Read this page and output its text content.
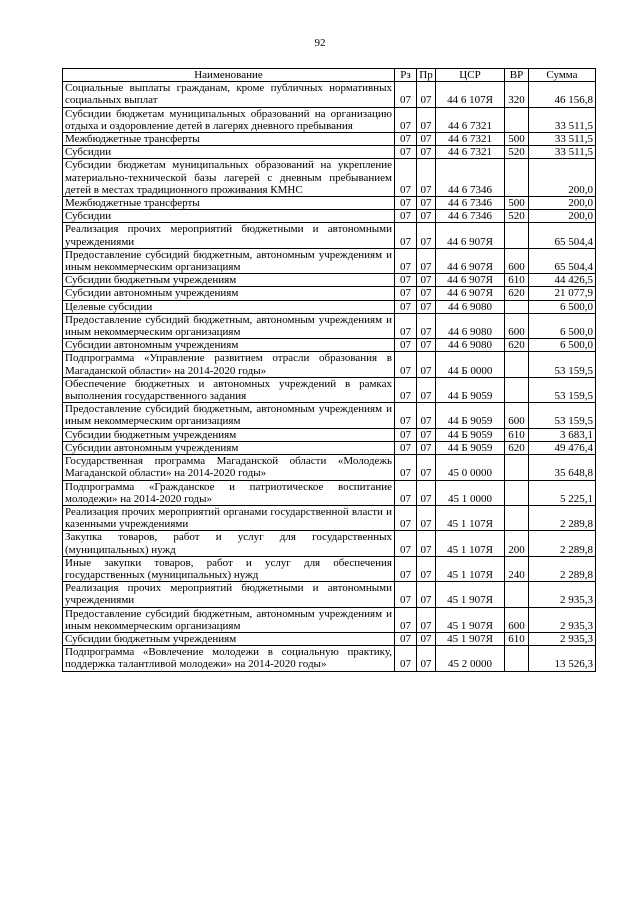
92
Наименование	Рз	Пр	ЦСР	ВР	Сумма
Социальные выплаты гражданам, кроме публичных нормативных социальных выплат	07	07	44 6 107Я	320	46 156,8
Субсидии бюджетам муниципальных образований на организацию отдыха и оздоровление детей в лагерях дневного пребывания	07	07	44 6 7321		33 511,5
Межбюджетные трансферты	07	07	44 6 7321	500	33 511,5
Субсидии	07	07	44 6 7321	520	33 511,5
Субсидии бюджетам муниципальных образований на укрепление материально-технической базы лагерей с дневным пребыванием детей в местах традиционного проживания КМНС	07	07	44 6 7346		200,0
Межбюджетные трансферты	07	07	44 6 7346	500	200,0
Субсидии	07	07	44 6 7346	520	200,0
Реализация прочих мероприятий бюджетными и автономными учреждениями	07	07	44 6 907Я		65 504,4
Предоставление субсидий бюджетным, автономным учреждениям и иным некоммерческим организациям	07	07	44 6 907Я	600	65 504,4
Субсидии бюджетным учреждениям	07	07	44 6 907Я	610	44 426,5
Субсидии автономным учреждениям	07	07	44 6 907Я	620	21 077,9
Целевые субсидии	07	07	44 6 9080		6 500,0
Предоставление субсидий бюджетным, автономным учреждениям и иным некоммерческим организациям	07	07	44 6 9080	600	6 500,0
Субсидии автономным учреждениям	07	07	44 6 9080	620	6 500,0
Подпрограмма «Управление развитием отрасли образования в Магаданской области» на 2014-2020 годы»	07	07	44 Б 0000		53 159,5
Обеспечение бюджетных и автономных учреждений в рамках выполнения государственного задания	07	07	44 Б 9059		53 159,5
Предоставление субсидий бюджетным, автономным учреждениям и иным некоммерческим организациям	07	07	44 Б 9059	600	53 159,5
Субсидии бюджетным учреждениям	07	07	44 Б 9059	610	3 683,1
Субсидии автономным учреждениям	07	07	44 Б 9059	620	49 476,4
Государственная программа Магаданской области «Молодежь Магаданской области» на 2014-2020 годы»	07	07	45 0 0000		35 648,8
Подпрограмма «Гражданское и патриотическое воспитание молодежи» на 2014-2020 годы»	07	07	45 1 0000		5 225,1
Реализация прочих мероприятий органами государственной власти и казенными учреждениями	07	07	45 1 107Я		2 289,8
Закупка товаров, работ и услуг для государственных (муниципальных) нужд	07	07	45 1 107Я	200	2 289,8
Иные закупки товаров, работ и услуг для обеспечения государственных (муниципальных) нужд	07	07	45 1 107Я	240	2 289,8
Реализация прочих мероприятий бюджетными и автономными учреждениями	07	07	45 1 907Я		2 935,3
Предоставление субсидий бюджетным, автономным учреждениям и иным некоммерческим организациям	07	07	45 1 907Я	600	2 935,3
Субсидии бюджетным учреждениям	07	07	45 1 907Я	610	2 935,3
Подпрограмма «Вовлечение молодежи в социальную практику, поддержка талантливой молодежи» на 2014-2020 годы»	07	07	45 2 0000		13 526,3
